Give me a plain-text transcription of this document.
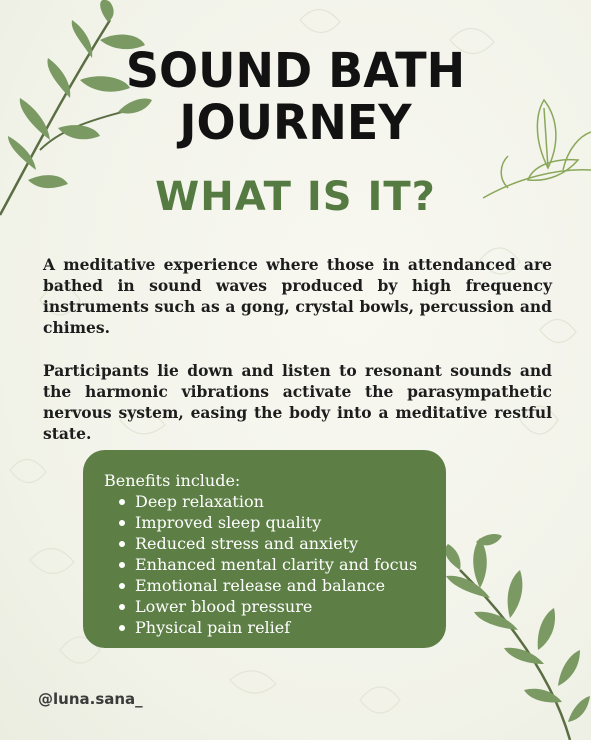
SOUND BATH
JOURNEY
WHAT IS IT?

A meditative experience where those in attendanced are bathed in sound waves produced by high frequency instruments such as a gong, crystal bowls, percussion and chimes.

Participants lie down and listen to resonant sounds and the harmonic vibrations activate the parasympathetic nervous system, easing the body into a meditative restful state.

Benefits include:
Deep relaxation
Improved sleep quality
Reduced stress and anxiety
Enhanced mental clarity and focus
Emotional release and balance
Lower blood pressure
Physical pain relief
@luna.sana_
